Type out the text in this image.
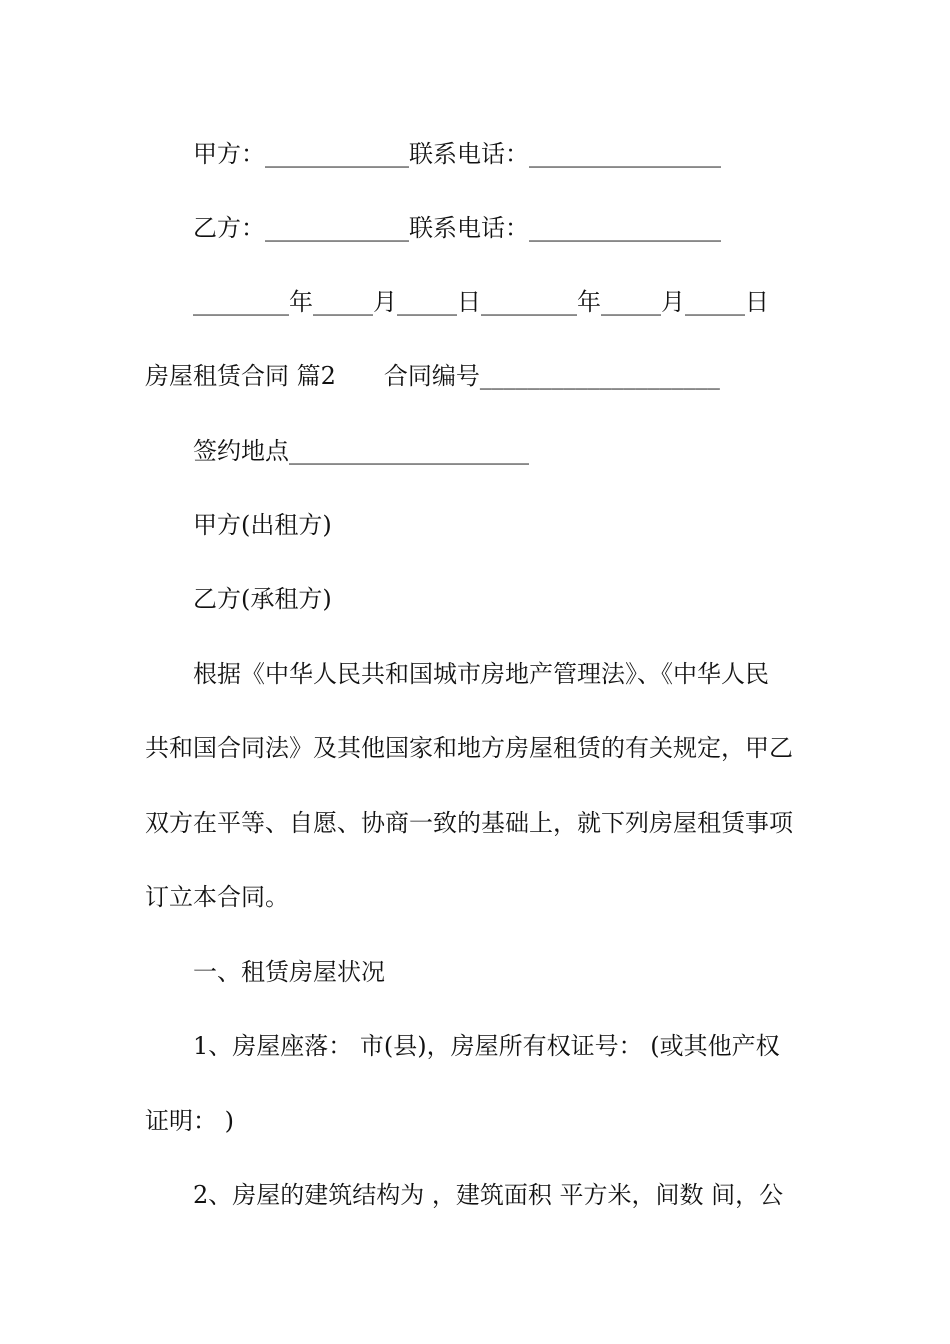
甲方：____________联系电话：________________
乙方：____________联系电话：________________
________年_____月_____日________年_____月_____日
房屋租赁合同 篇2　　合同编号____________________
签约地点____________________
甲方(出租方)
乙方(承租方)
根据《中华人民共和国城市房地产管理法》、《中华人民
共和国合同法》及其他国家和地方房屋租赁的有关规定，甲乙
双方在平等、自愿、协商一致的基础上，就下列房屋租赁事项
订立本合同。
一、租赁房屋状况
1、房屋座落： 市(县)，房屋所有权证号： (或其他产权
证明： )
2、房屋的建筑结构为 ，建筑面积 平方米，间数 间，公
